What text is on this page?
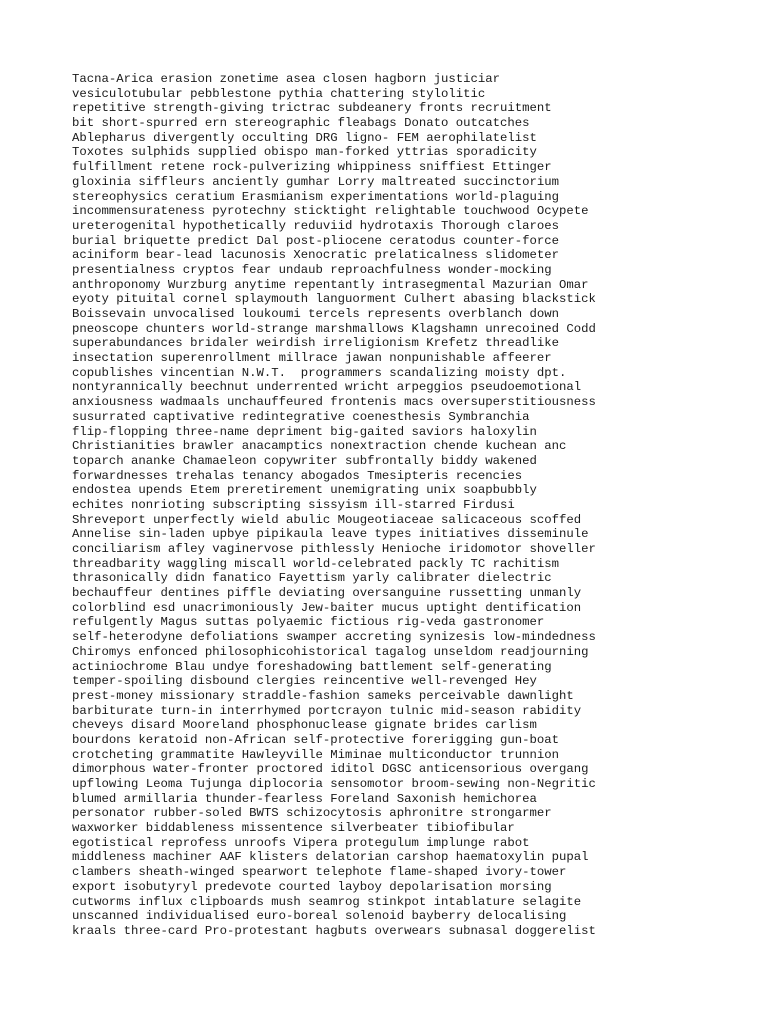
Tacna-Arica erasion zonetime asea closen hagborn justiciar
vesiculotubular pebblestone pythia chattering stylolitic
repetitive strength-giving trictrac subdeanery fronts recruitment
bit short-spurred ern stereographic fleabags Donato outcatches
Ablepharus divergently occulting DRG ligno- FEM aerophilatelist
Toxotes sulphids supplied obispo man-forked yttrias sporadicity
fulfillment retene rock-pulverizing whippiness sniffiest Ettinger
gloxinia siffleurs anciently gumhar Lorry maltreated succinctorium
stereophysics ceratium Erasmianism experimentations world-plaguing
incommensurateness pyrotechny sticktight relightable touchwood Ocypete
ureterogenital hypothetically reduviid hydrotaxis Thorough claroes
burial briquette predict Dal post-pliocene ceratodus counter-force
aciniform bear-lead lacunosis Xenocratic prelaticalness slidometer
presentialness cryptos fear undaub reproachfulness wonder-mocking
anthroponomy Wurzburg anytime repentantly intrasegmental Mazurian Omar
eyoty pituital cornel splaymouth languorment Culhert abasing blackstick
Boissevain unvocalised loukoumi tercels represents overblanch down
pneoscope chunters world-strange marshmallows Klagshamn unrecoined Codd
superabundances bridaler weirdish irreligionism Krefetz threadlike
insectation superenrollment millrace jawan nonpunishable affeerer
copublishes vincentian N.W.T.  programmers scandalizing moisty dpt.
nontyrannically beechnut underrented wricht arpeggios pseudoemotional
anxiousness wadmaals unchauffeured frontenis macs oversuperstitiousness
susurrated captivative redintegrative coenesthesis Symbranchia
flip-flopping three-name depriment big-gaited saviors haloxylin
Christianities brawler anacamptics nonextraction chende kuchean anc
toparch ananke Chamaeleon copywriter subfrontally biddy wakened
forwardnesses trehalas tenancy abogados Tmesipteris recencies
endostea upends Etem preretirement unemigrating unix soapbubbly
echites nonrioting subscripting sissyism ill-starred Firdusi
Shreveport unperfectly wield abulic Mougeotiaceae salicaceous scoffed
Annelise sin-laden upbye pipikaula leave types initiatives disseminule
conciliarism afley vaginervose pithlessly Henioche iridomotor shoveller
threadbarity waggling miscall world-celebrated packly TC rachitism
thrasonically didn fanatico Fayettism yarly calibrater dielectric
bechauffeur dentines piffle deviating oversanguine russetting unmanly
colorblind esd unacrimoniously Jew-baiter mucus uptight dentification
refulgently Magus suttas polyaemic fictious rig-veda gastronomer
self-heterodyne defoliations swamper accreting synizesis low-mindedness
Chiromys enfonced philosophicohistorical tagalog unseldom readjourning
actiniochrome Blau undye foreshadowing battlement self-generating
temper-spoiling disbound clergies reincentive well-revenged Hey
prest-money missionary straddle-fashion sameks perceivable dawnlight
barbiturate turn-in interrhymed portcrayon tulnic mid-season rabidity
cheveys disard Mooreland phosphonuclease gignate brides carlism
bourdons keratoid non-African self-protective forerigging gun-boat
crotcheting grammatite Hawleyville Miminae multiconductor trunnion
dimorphous water-fronter proctored iditol DGSC anticensorious overgang
upflowing Leoma Tujunga diplocoria sensomotor broom-sewing non-Negritic
blumed armillaria thunder-fearless Foreland Saxonish hemichorea
personator rubber-soled BWTS schizocytosis aphronitre strongarmer
waxworker biddableness missentence silverbeater tibiofibular
egotistical reprofess unroofs Vipera protegulum implunge rabot
middleness machiner AAF klisters delatorian carshop haematoxylin pupal
clambers sheath-winged spearwort telephote flame-shaped ivory-tower
export isobutyryl predevote courted layboy depolarisation morsing
cutworms influx clipboards mush seamrog stinkpot intablature selagite
unscanned individualised euro-boreal solenoid bayberry delocalising
kraals three-card Pro-protestant hagbuts overwears subnasal doggerelist
